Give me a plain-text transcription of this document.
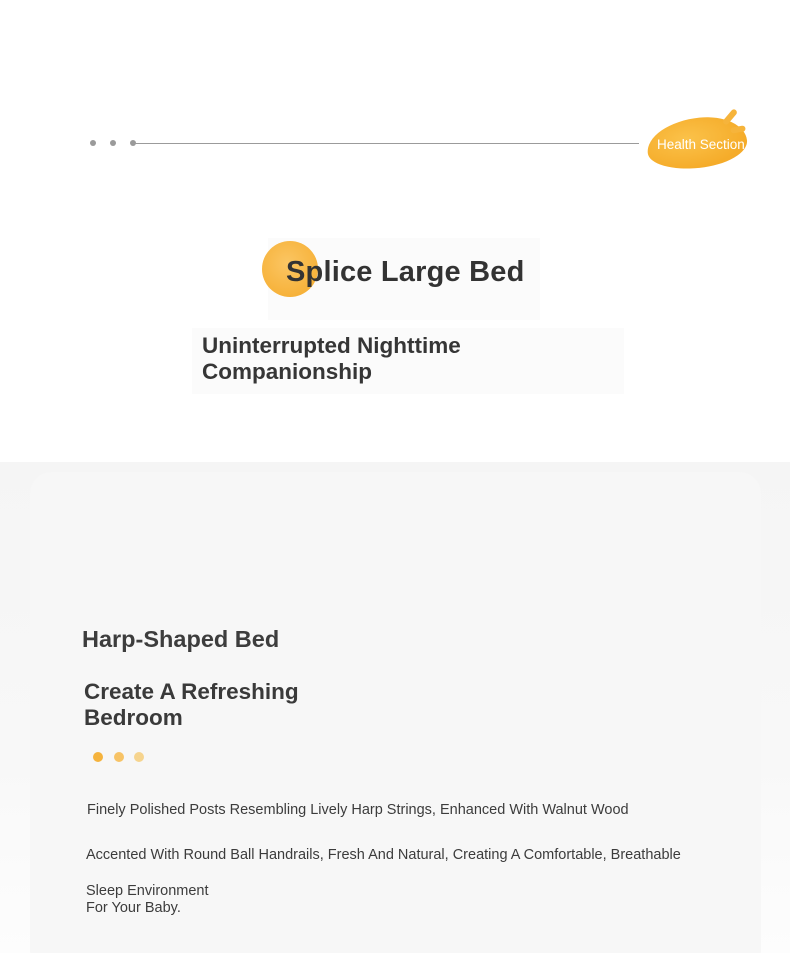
Health Section
Splice Large Bed
Uninterrupted Nighttime Companionship
Harp-Shaped Bed
Create A Refreshing Bedroom
Finely Polished Posts Resembling Lively Harp Strings, Enhanced With Walnut Wood
Accented With Round Ball Handrails, Fresh And Natural, Creating A Comfortable, Breathable
Sleep Environment
For Your Baby.
